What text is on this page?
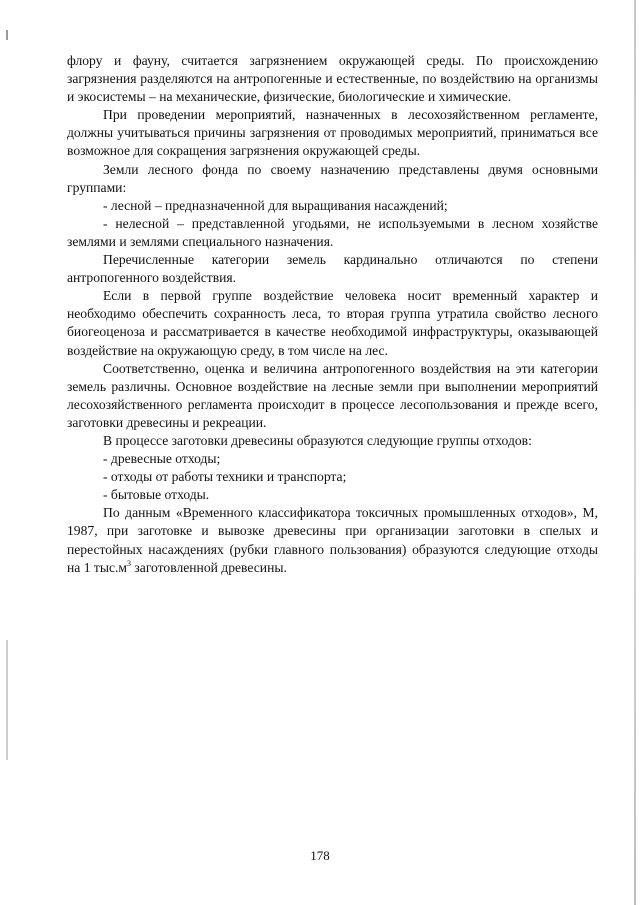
флору и фауну, считается загрязнением окружающей среды. По происхождению загрязнения разделяются на антропогенные и естественные, по воздействию на организмы и экосистемы – на механические, физические, биологические и химические.

При проведении мероприятий, назначенных в лесохозяйственном регламенте, должны учитываться причины загрязнения от проводимых мероприятий, приниматься все возможное для сокращения загрязнения окружающей среды.

Земли лесного фонда по своему назначению представлены двумя основными группами:

- лесной – предназначенной для выращивания насаждений;

- нелесной – представленной угодьями, не используемыми в лесном хозяйстве землями и землями специального назначения.

Перечисленные категории земель кардинально отличаются по степени антропогенного воздействия.

Если в первой группе воздействие человека носит временный характер и необходимо обеспечить сохранность леса, то вторая группа утратила свойство лесного биогеоценоза и рассматривается в качестве необходимой инфраструктуры, оказывающей воздействие на окружающую среду, в том числе на лес.

Соответственно, оценка и величина антропогенного воздействия на эти категории земель различны. Основное воздействие на лесные земли при выполнении мероприятий лесохозяйственного регламента происходит в процессе лесопользования и прежде всего, заготовки древесины и рекреации.

В процессе заготовки древесины образуются следующие группы отходов:

- древесные отходы;

- отходы от работы техники и транспорта;

- бытовые отходы.

По данным «Временного классификатора токсичных промышленных отходов», М, 1987, при заготовке и вывозке древесины при организации заготовки в спелых и перестойных насаждениях (рубки главного пользования) образуются следующие отходы на 1 $тыс.м^3$ заготовленной древесины.

178
